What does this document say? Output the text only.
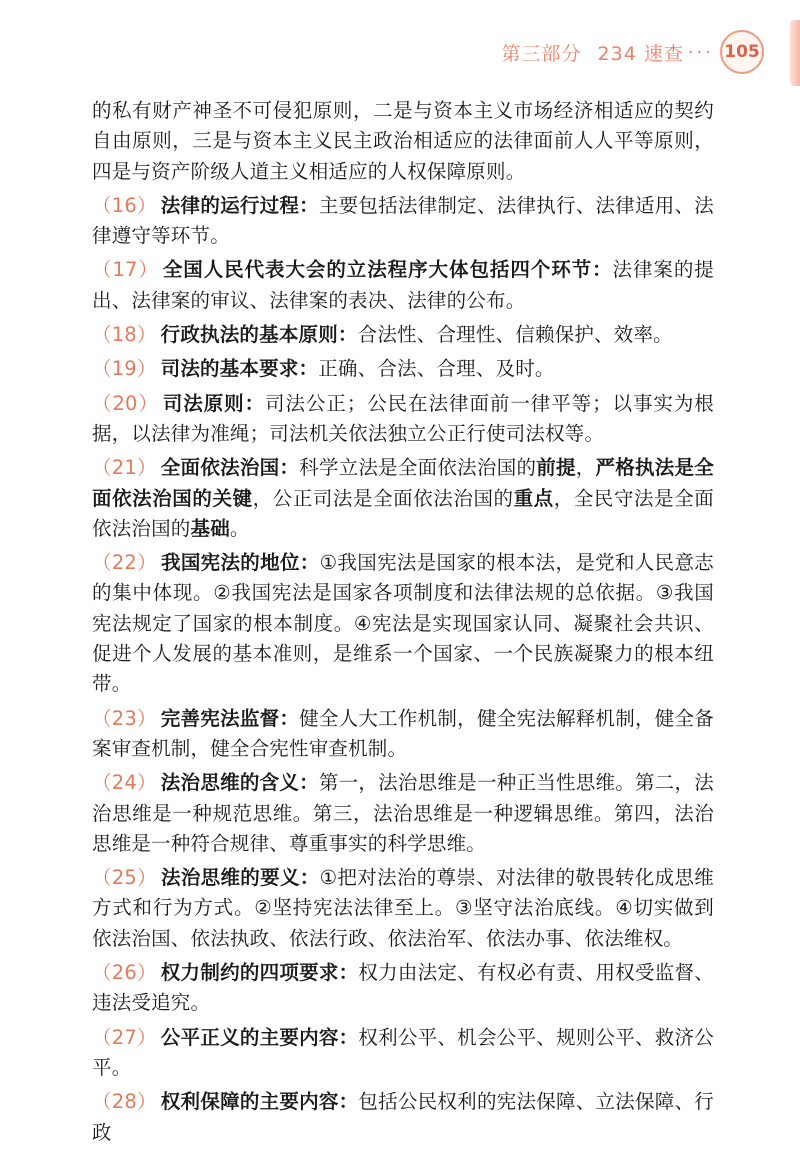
第三部分 234 速查 ··· 105

的私有财产神圣不可侵犯原则，二是与资本主义市场经济相适应的契约自由原则，三是与资本主义民主政治相适应的法律面前人人平等原则，四是与资产阶级人道主义相适应的人权保障原则。

（16） 法律的运行过程：主要包括法律制定、法律执行、法律适用、法律遵守等环节。

（17） 全国人民代表大会的立法程序大体包括四个环节：法律案的提出、法律案的审议、法律案的表决、法律的公布。

（18） 行政执法的基本原则：合法性、合理性、信赖保护、效率。

（19） 司法的基本要求：正确、合法、合理、及时。

（20） 司法原则：司法公正；公民在法律面前一律平等；以事实为根据，以法律为准绳；司法机关依法独立公正行使司法权等。

（21） 全面依法治国：科学立法是全面依法治国的前提，严格执法是全面依法治国的关键，公正司法是全面依法治国的重点，全民守法是全面依法治国的基础。

（22） 我国宪法的地位：①我国宪法是国家的根本法，是党和人民意志的集中体现。②我国宪法是国家各项制度和法律法规的总依据。③我国宪法规定了国家的根本制度。④宪法是实现国家认同、凝聚社会共识、促进个人发展的基本准则，是维系一个国家、一个民族凝聚力的根本纽带。

（23） 完善宪法监督：健全人大工作机制，健全宪法解释机制，健全备案审查机制，健全合宪性审查机制。

（24） 法治思维的含义：第一，法治思维是一种正当性思维。第二，法治思维是一种规范思维。第三，法治思维是一种逻辑思维。第四，法治思维是一种符合规律、尊重事实的科学思维。

（25） 法治思维的要义：①把对法治的尊崇、对法律的敬畏转化成思维方式和行为方式。②坚持宪法法律至上。③坚守法治底线。④切实做到依法治国、依法执政、依法行政、依法治军、依法办事、依法维权。

（26） 权力制约的四项要求：权力由法定、有权必有责、用权受监督、违法受追究。

（27） 公平正义的主要内容：权利公平、机会公平、规则公平、救济公平。

（28） 权利保障的主要内容：包括公民权利的宪法保障、立法保障、行政
